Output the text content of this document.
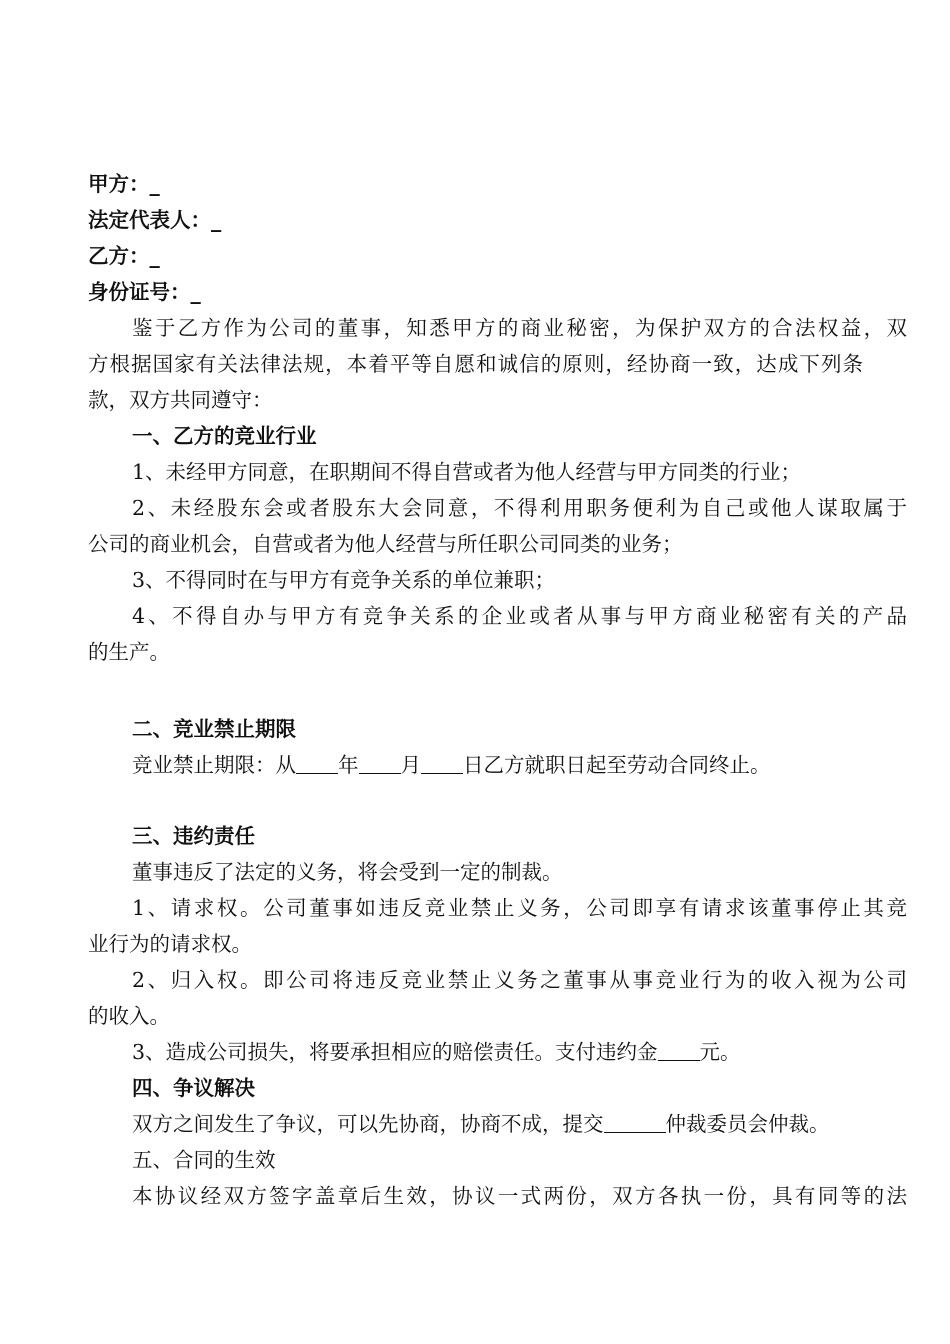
甲方：_
法定代表人：_
乙方：_
身份证号：_
鉴于乙方作为公司的董事，知悉甲方的商业秘密，为保护双方的合法权益，双
方根据国家有关法律法规，本着平等自愿和诚信的原则，经协商一致，达成下列条
款，双方共同遵守：
一、乙方的竞业行业
1、未经甲方同意，在职期间不得自营或者为他人经营与甲方同类的行业；
2、未经股东会或者股东大会同意，不得利用职务便利为自己或他人谋取属于
公司的商业机会，自营或者为他人经营与所任职公司同类的业务；
3、不得同时在与甲方有竞争关系的单位兼职；
4、不得自办与甲方有竞争关系的企业或者从事与甲方商业秘密有关的产品
的生产。
二、竞业禁止期限
竞业禁止期限：从 年 月 日乙方就职日起至劳动合同终止。
三、违约责任
董事违反了法定的义务，将会受到一定的制裁。
1、请求权。公司董事如违反竞业禁止义务，公司即享有请求该董事停止其竞
业行为的请求权。
2、归入权。即公司将违反竞业禁止义务之董事从事竞业行为的收入视为公司
的收入。
3、造成公司损失，将要承担相应的赔偿责任。支付违约金 元。
四、争议解决
双方之间发生了争议，可以先协商，协商不成，提交	仲裁委员会仲裁。
五、合同的生效
本协议经双方签字盖章后生效，协议一式两份，双方各执一份，具有同等的法
